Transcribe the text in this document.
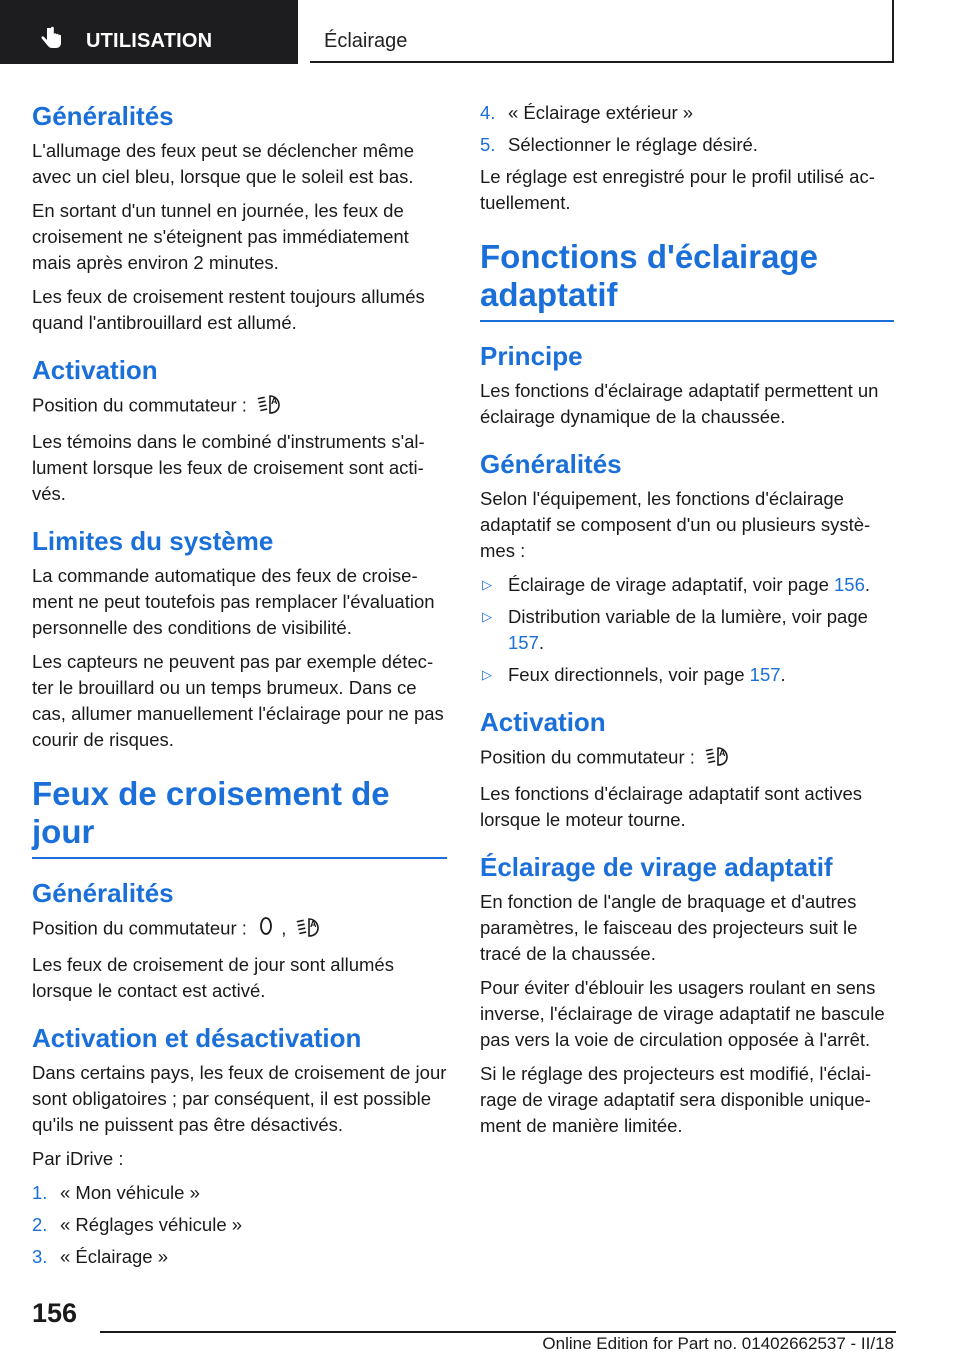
UTILISATION	Éclairage
Généralités

L'allumage des feux peut se déclencher même avec un ciel bleu, lorsque que le soleil est bas.

En sortant d'un tunnel en journée, les feux de croisement ne s'éteignent pas immédiatement mais après environ 2 minutes.

Les feux de croisement restent toujours allumés quand l'antibrouillard est allumé.

Activation

Position du commutateur :	A

Les témoins dans le combiné d'instruments s'allument lorsque les feux de croisement sont activés.

Limites du système

La commande automatique des feux de croisement ne peut toutefois pas remplacer l'évaluation personnelle des conditions de visibilité.

Les capteurs ne peuvent pas par exemple détecter le brouillard ou un temps brumeux. Dans ce cas, allumer manuellement l'éclairage pour ne pas courir de risques.

Feux de croisement de jour
Généralités

Position du commutateur : ,	A

Les feux de croisement de jour sont allumés lorsque le contact est activé.

Activation et désactivation

Dans certains pays, les feux de croisement de jour sont obligatoires ; par conséquent, il est possible qu'ils ne puissent pas être désactivés.

Par iDrive :

1. « Mon véhicule »
2. « Réglages véhicule »
3. « Éclairage »
4. « Éclairage extérieur »
5. Sélectionner le réglage désiré.

Le réglage est enregistré pour le profil utilisé actuellement.

Fonctions d'éclairage adaptatif
Principe

Les fonctions d'éclairage adaptatif permettent un éclairage dynamique de la chaussée.

Généralités

Selon l'équipement, les fonctions d'éclairage adaptatif se composent d'un ou plusieurs systèmes :

▷ Éclairage de virage adaptatif, voir page 156.
▷ Distribution variable de la lumière, voir page 157.
▷ Feux directionnels, voir page 157.
Activation

Position du commutateur :	A

Les fonctions d'éclairage adaptatif sont actives lorsque le moteur tourne.

Éclairage de virage adaptatif

En fonction de l'angle de braquage et d'autres paramètres, le faisceau des projecteurs suit le tracé de la chaussée.

Pour éviter d'éblouir les usagers roulant en sens inverse, l'éclairage de virage adaptatif ne bascule pas vers la voie de circulation opposée à l'arrêt.

Si le réglage des projecteurs est modifié, l'éclairage de virage adaptatif sera disponible uniquement de manière limitée.

156
Online Edition for Part no. 01402662537 - II/18
